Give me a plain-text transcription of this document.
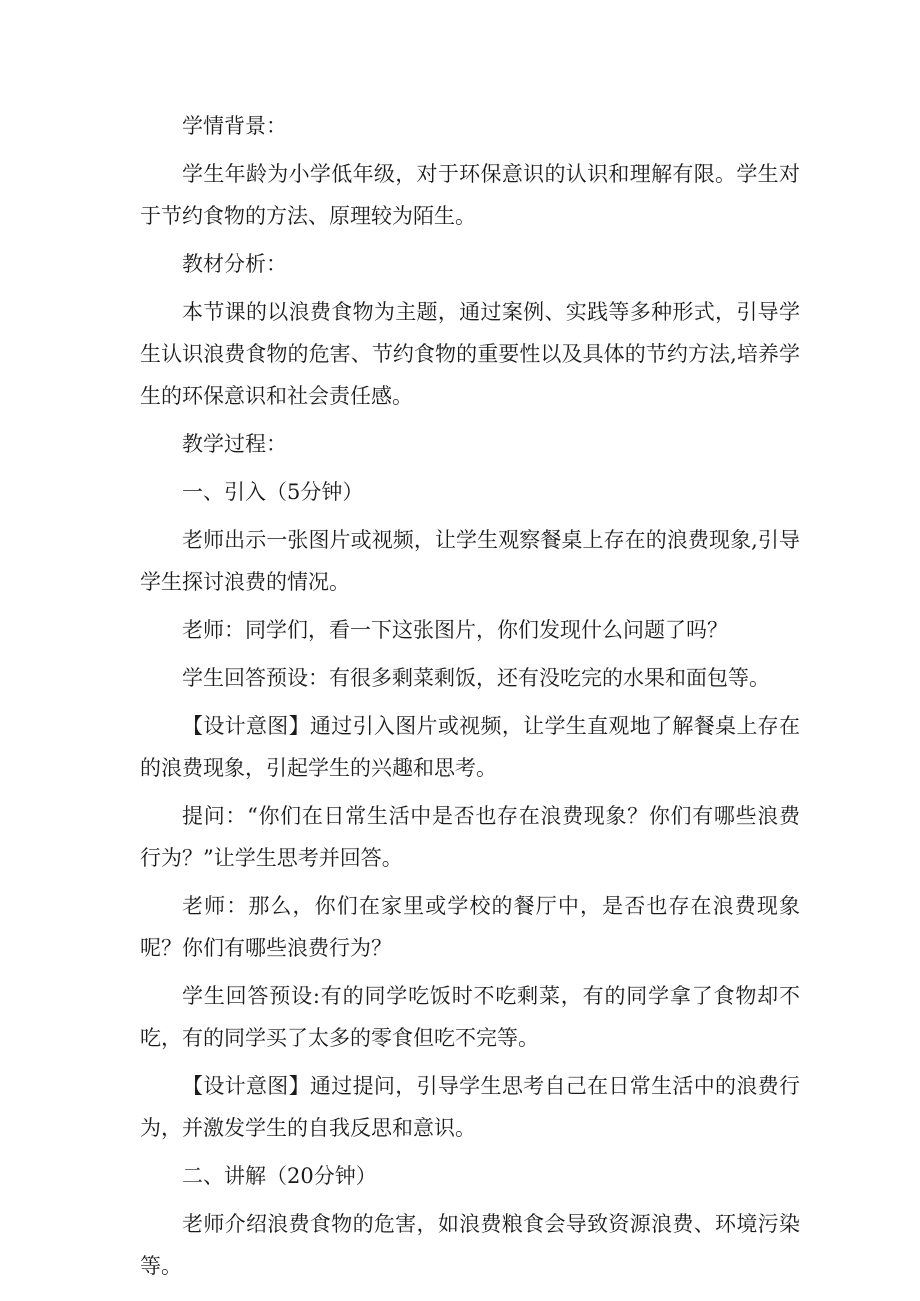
学情背景：

学生年龄为小学低年级，对于环保意识的认识和理解有限。学生对于节约食物的方法、原理较为陌生。

教材分析：

本节课的以浪费食物为主题，通过案例、实践等多种形式，引导学生认识浪费食物的危害、节约食物的重要性以及具体的节约方法,培养学生的环保意识和社会责任感。

教学过程：

一、引入（5分钟）

老师出示一张图片或视频，让学生观察餐桌上存在的浪费现象,引导学生探讨浪费的情况。

老师：同学们，看一下这张图片，你们发现什么问题了吗？

学生回答预设：有很多剩菜剩饭，还有没吃完的水果和面包等。

【设计意图】通过引入图片或视频，让学生直观地了解餐桌上存在的浪费现象，引起学生的兴趣和思考。

提问：“你们在日常生活中是否也存在浪费现象？你们有哪些浪费行为？”让学生思考并回答。

老师：那么，你们在家里或学校的餐厅中，是否也存在浪费现象呢？你们有哪些浪费行为？

学生回答预设:有的同学吃饭时不吃剩菜，有的同学拿了食物却不吃，有的同学买了太多的零食但吃不完等。

【设计意图】通过提问，引导学生思考自己在日常生活中的浪费行为，并激发学生的自我反思和意识。

二、讲解（20分钟）

老师介绍浪费食物的危害，如浪费粮食会导致资源浪费、环境污染等。
